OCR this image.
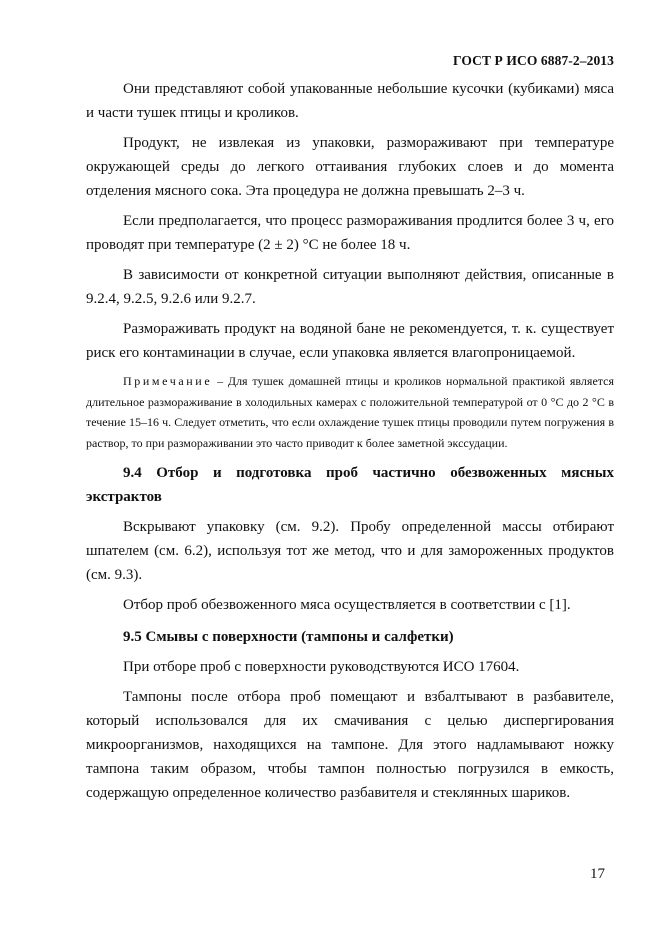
ГОСТ Р ИСО 6887-2–2013

Они представляют собой упакованные небольшие кусочки (кубиками) мяса и части тушек птицы и кроликов.

Продукт, не извлекая из упаковки, размораживают при температуре окружающей среды до легкого оттаивания глубоких слоев и до момента отделения мясного сока. Эта процедура не должна превышать 2–3 ч.

Если предполагается, что процесс размораживания продлится более 3 ч, его проводят при температуре (2 ± 2) °С не более 18 ч.

В зависимости от конкретной ситуации выполняют действия, описанные в 9.2.4, 9.2.5, 9.2.6 или 9.2.7.

Размораживать продукт на водяной бане не рекомендуется, т. к. существует риск его контаминации в случае, если упаковка является влагопроницаемой.

Примечание – Для тушек домашней птицы и кроликов нормальной практикой является длительное размораживание в холодильных камерах с положительной температурой от 0 °С до 2 °С в течение 15–16 ч. Следует отметить, что если охлаждение тушек птицы проводили путем погружения в раствор, то при размораживании это часто приводит к более заметной экссудации.

9.4 Отбор и подготовка проб частично обезвоженных мясных экстрактов

Вскрывают упаковку (см. 9.2). Пробу определенной массы отбирают шпателем (см. 6.2), используя тот же метод, что и для замороженных продуктов (см. 9.3).

Отбор проб обезвоженного мяса осуществляется в соответствии с [1].

9.5 Смывы с поверхности (тампоны и салфетки)

При отборе проб с поверхности руководствуются ИСО 17604.

Тампоны после отбора проб помещают и взбалтывают в разбавителе, который использовался для их смачивания с целью диспергирования микроорганизмов, находящихся на тампоне. Для этого надламывают ножку тампона таким образом, чтобы тампон полностью погрузился в емкость, содержащую определенное количество разбавителя и стеклянных шариков.

17
